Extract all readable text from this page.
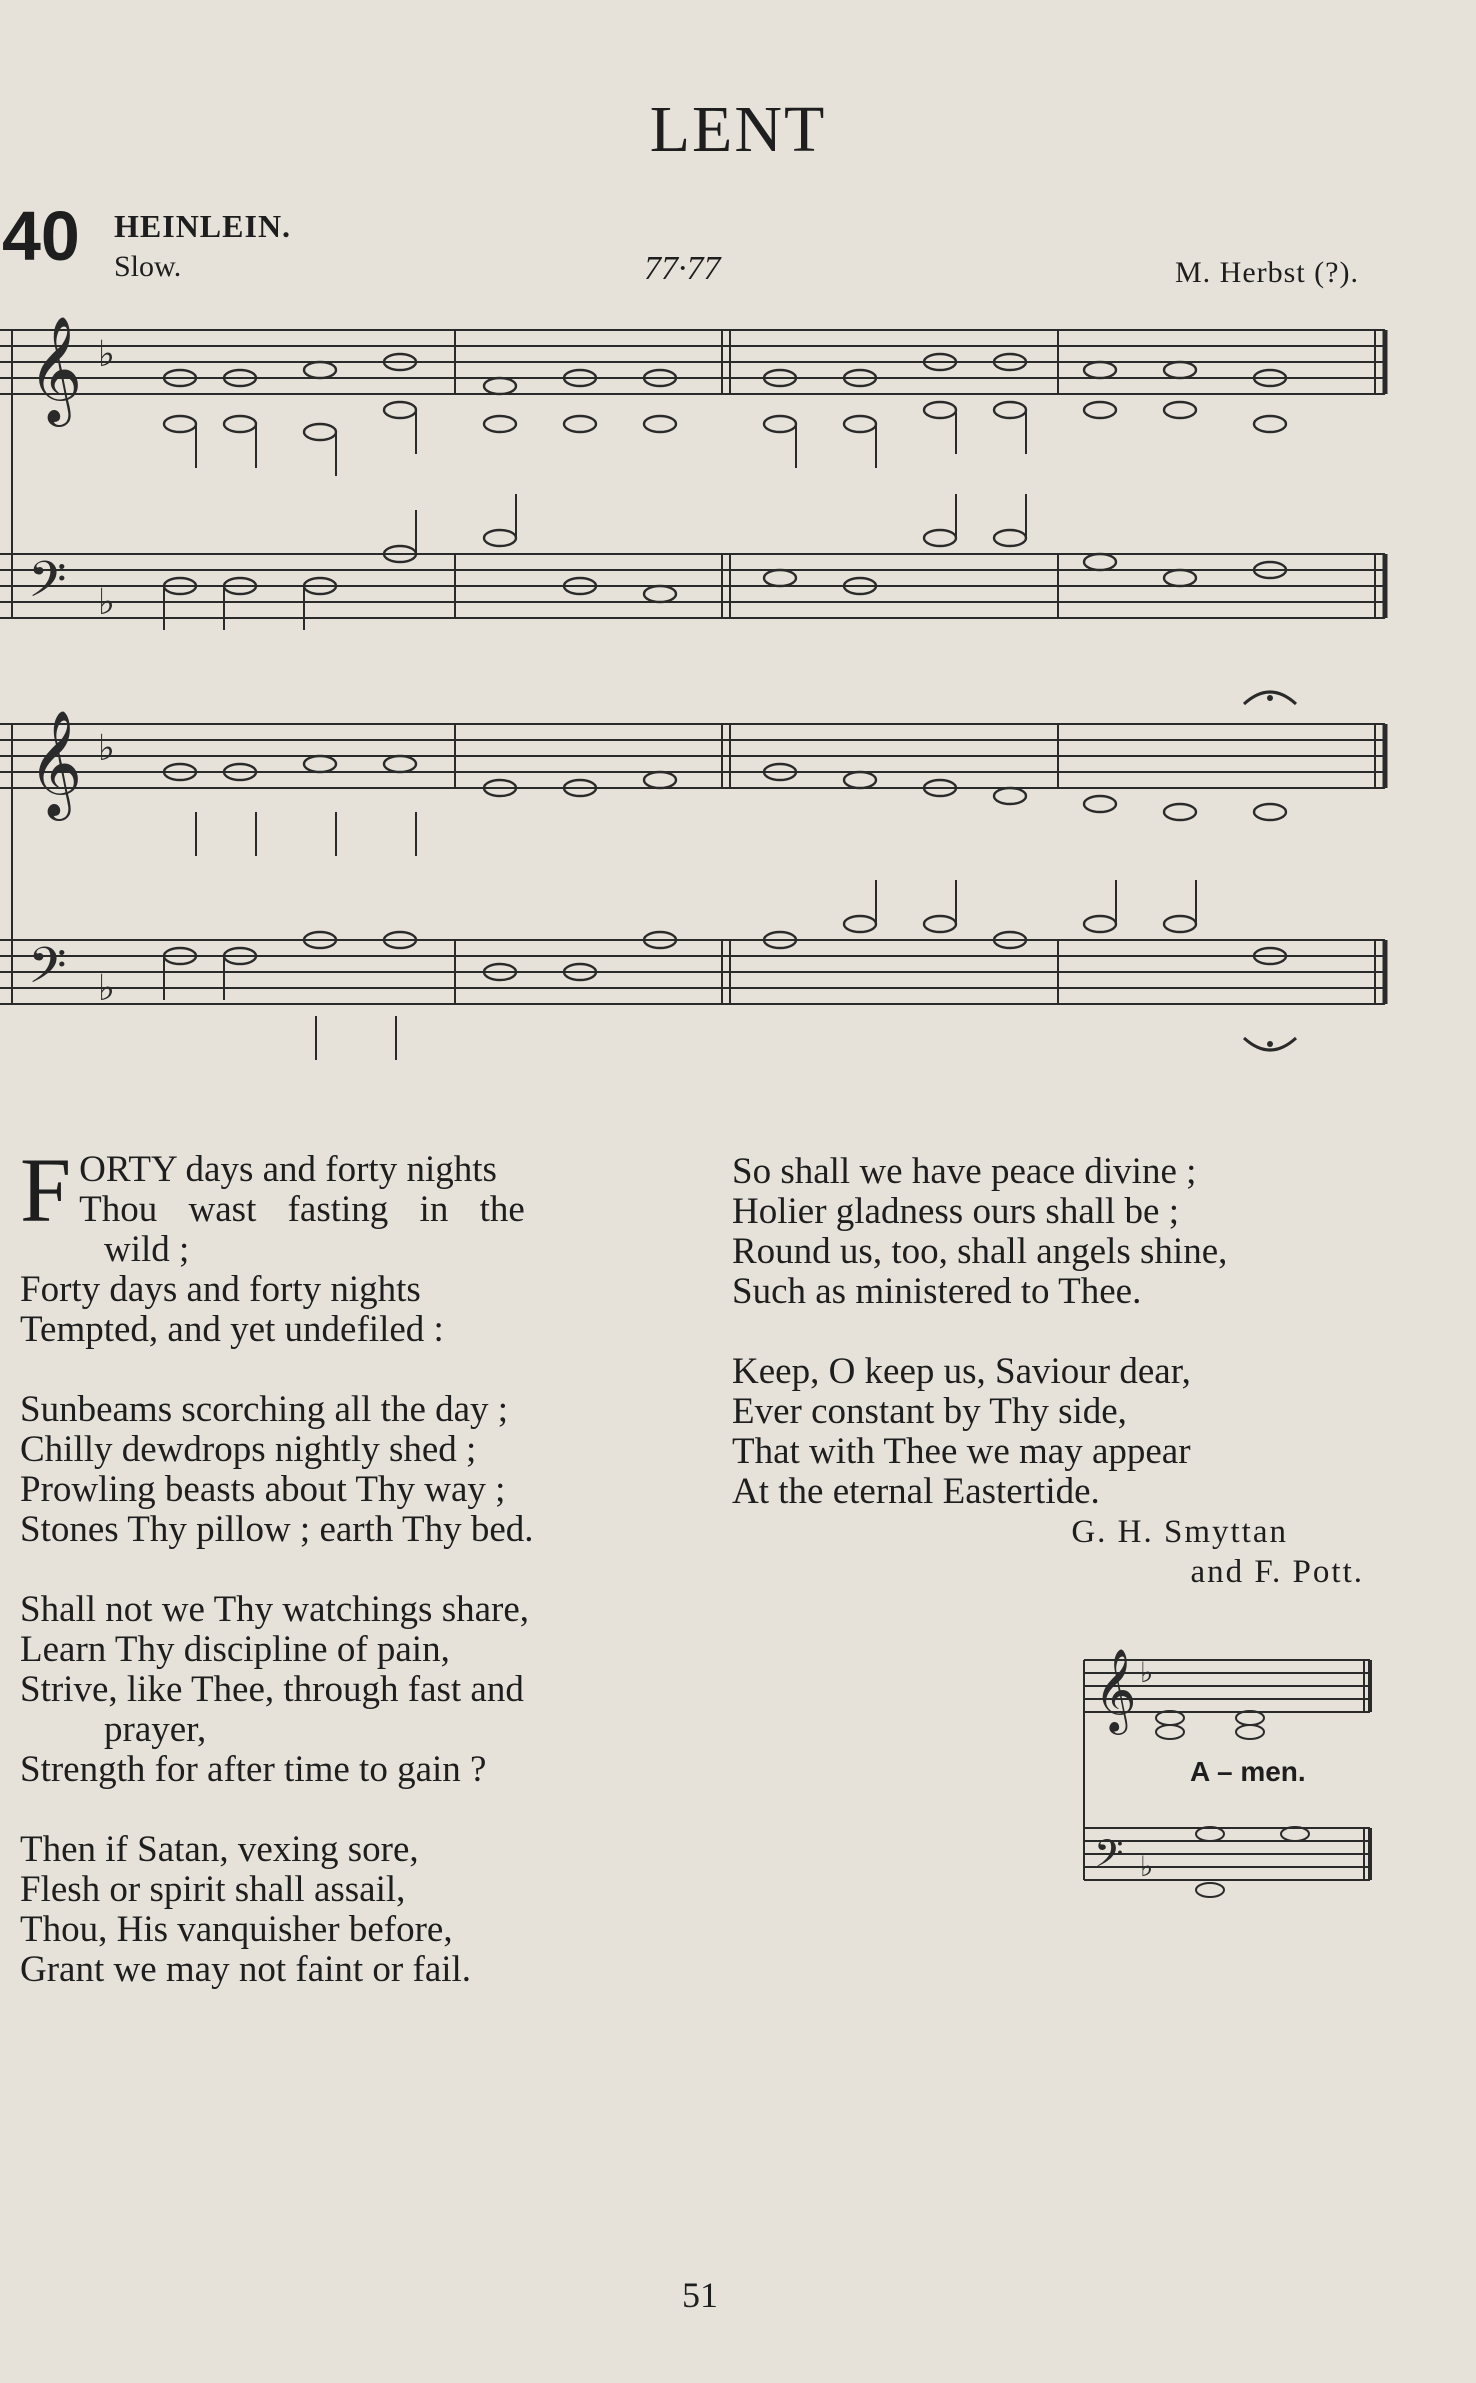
LENT
40 HEINLEIN.
Slow.	77·77	M. Herbst (?).
𝄞
𝄢
𝄞
𝄢
♭
♭
♭
♭
F ORTY days and forty nights
Thou wast fasting in the
wild ;
Forty days and forty nights
Tempted, and yet undefiled :
Sunbeams scorching all the day ;
Chilly dewdrops nightly shed ;
Prowling beasts about Thy way ;
Stones Thy pillow ; earth Thy bed.
Shall not we Thy watchings share,
Learn Thy discipline of pain,
Strive, like Thee, through fast and
prayer,
Strength for after time to gain ?
Then if Satan, vexing sore,
Flesh or spirit shall assail,
Thou, His vanquisher before,
Grant we may not faint or fail.
So shall we have peace divine ;
Holier gladness ours shall be ;
Round us, too, shall angels shine,
Such as ministered to Thee.
Keep, O keep us, Saviour dear,
Ever constant by Thy side,
That with Thee we may appear
At the eternal Eastertide.
G. H. Smyttan
and F. Pott.
𝄞 ♭
𝄢 ♭
A – men.
51
